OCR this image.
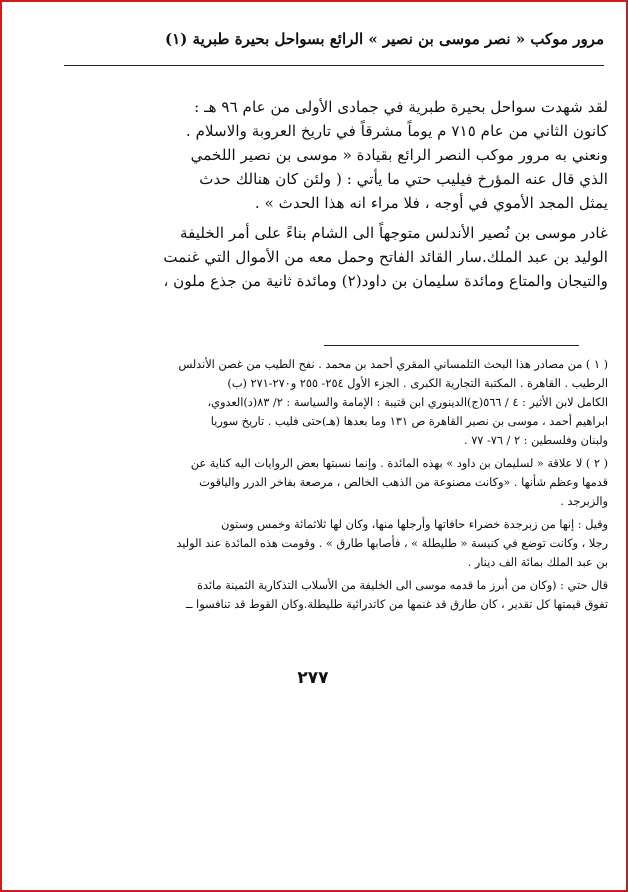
مرور موكب « نصر موسى بن نصير » الرائع بسواحل بحيرة طبرية (١)

لقد شهدت سواحل بحيرة طبرية في جمادى الأولى من عام ٩٦ هـ :
كانون الثاني من عام ٧١٥ م يوماً مشرقاً في تاريخ العروبة والاسلام .
ونعني به مرور موكب النصر الرائع بقيادة « موسى بن نصير اللخمي
الذي قال عنه المؤرخ فيليب حتي ما يأتي : ( ولئن كان هنالك حدث
يمثل المجد الأموي في أوجه ، فلا مراء انه هذا الحدث » .

غادر موسى بن نُصير الأندلس متوجهاً الى الشام بناءً على أمر الخليفة
الوليد بن عبد الملك.سار القائد الفاتح وحمل معه من الأموال التي غنمت
والتيجان والمتاع ومائدة سليمان بن داود(٢) ومائدة ثانية من جذع ملون ،

( ١ ) من مصادر هذا البحث التلمساني المقري أحمد بن محمد . نفح الطيب من غصن الأندلس
الرطيب . القاهرة . المكتبة التجارية الكبرى . الجزء الأول ٢٥٤- ٢٥٥ و٢٧٠-٢٧١ (ب)
الكامل لابن الأثير : ٤ / ٥٦٦(ج)الدينوري ابن قتيبة : الإمامة والسياسة : ٢/ ٨٣(د)العدوي،
ابراهيم أحمد ، موسى بن نصير القاهرة ص ١٣١ وما بعدها (هـ)حتى فليب . تاريخ سوريا
ولبنان وفلسطين : ٢ / ٧٦- ٧٧ .

( ٢ ) لا علاقة « لسليمان بن داود » بهذه المائدة . وإنما نسبتها بعض الروايات اليه كناية عن
قدمها وعظم شأنها . «وكانت مصنوعة من الذهب الخالص ، مرصعة بفاخر الدرر والياقوت
والزبرجد .

وقيل : إنها من زبرجدة خضراء حافاتها وأرجلها منها، وكان لها ثلاثمائة وخمس وستون
رجلا ، وكانت توضع في كنيسة « طليطلة » ، فأصابها طارق » . وقومت هذه المائدة عند الوليد
بن عبد الملك بمائة الف دينار .

قال حتي : (وكان من أبرز ما قدمه موسى الى الخليفة من الأسلاب التذكارية الثمينة مائدة
تفوق قيمتها كل تقدير ، كان طارق قد غنمها من كاتدرائية طليطلة.وكان القوط قد تنافسوا ــ

٢٧٧
